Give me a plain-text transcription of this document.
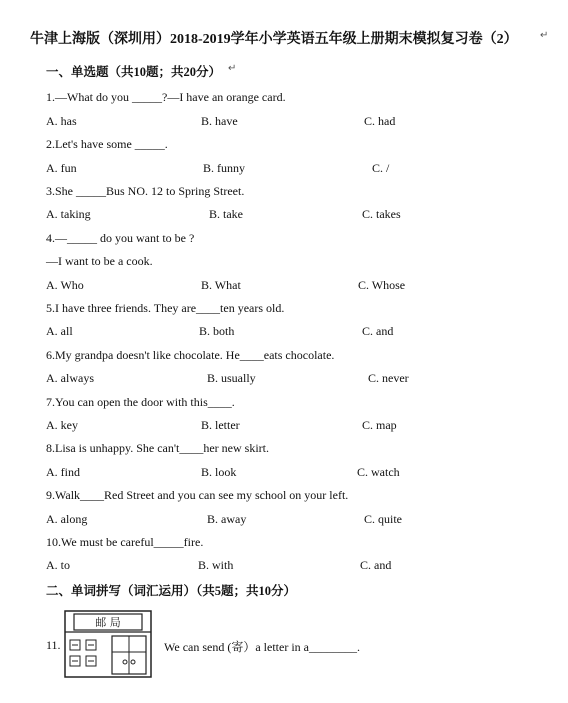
牛津上海版（深圳用）2018-2019学年小学英语五年级上册期末模拟复习卷（2）	↵
一、单选题（共10题；共20分） ↵
1.—What do you _____?—I have an orange card.
A. has	B. have	C. had
2.Let's have some _____.
A. fun	B. funny	C. /
3.She _____Bus NO. 12 to Spring Street.
A. taking	B. take	C. takes
4.—_____ do you want to be ?
—I want to be a cook.
A. Who	B. What	C. Whose
5.I have three friends. They are____ten years old.
A. all	B. both	C. and
6.My grandpa doesn't like chocolate. He____eats chocolate.
A. always	B. usually	C. never
7.You can open the door with this____.
A. key	B. letter	C. map
8.Lisa is unhappy. She can't____her new skirt.
A. find	B. look	C. watch
9.Walk____Red Street and you can see my school on your left.
A. along	B. away	C. quite
10.We must be careful_____fire.
A. to	B. with	C. and
二、单词拼写（词汇运用）（共5题；共10分）
11.
邮 局
We can send (寄）a letter in a________.
